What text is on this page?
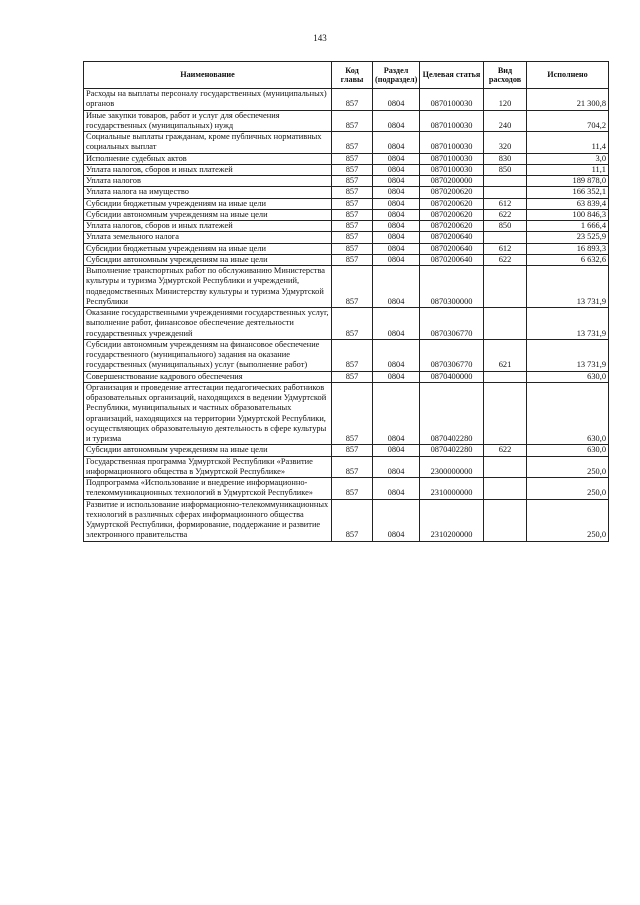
143
Наименование	Код главы	Раздел (подраздел)	Целевая статья	Вид расходов	Исполнено
Расходы на выплаты персоналу государственных (муниципальных) органов	857	0804	0870100030	120	21 300,8
Иные закупки товаров, работ и услуг для обеспечения государственных (муниципальных) нужд	857	0804	0870100030	240	704,2
Социальные выплаты гражданам, кроме публичных нормативных социальных выплат	857	0804	0870100030	320	11,4
Исполнение судебных актов	857	0804	0870100030	830	3,0
Уплата налогов, сборов и иных платежей	857	0804	0870100030	850	11,1
Уплата налогов	857	0804	0870200000		189 878,0
Уплата налога на имущество	857	0804	0870200620		166 352,1
Субсидии бюджетным учреждениям на иные цели	857	0804	0870200620	612	63 839,4
Субсидии автономным учреждениям на иные цели	857	0804	0870200620	622	100 846,3
Уплата налогов, сборов и иных платежей	857	0804	0870200620	850	1 666,4
Уплата земельного налога	857	0804	0870200640		23 525,9
Субсидии бюджетным учреждениям на иные цели	857	0804	0870200640	612	16 893,3
Субсидии автономным учреждениям на иные цели	857	0804	0870200640	622	6 632,6
Выполнение транспортных работ по обслуживанию Министерства культуры и туризма Удмуртской Республики и учреждений, подведомственных Министерству культуры и туризма Удмуртской Республики	857	0804	0870300000		13 731,9
Оказание государственными учреждениями государственных услуг, выполнение работ, финансовое обеспечение деятельности государственных учреждений	857	0804	0870306770		13 731,9
Субсидии автономным учреждениям на финансовое обеспечение государственного (муниципального) задания на оказание государственных (муниципальных) услуг (выполнение работ)	857	0804	0870306770	621	13 731,9
Совершенствование кадрового обеспечения	857	0804	0870400000		630,0
Организация и проведение аттестации педагогических работников образовательных организаций, находящихся в ведении Удмуртской Республики, муниципальных и частных образовательных организаций, находящихся на территории Удмуртской Республики, осуществляющих образовательную деятельность в сфере культуры и туризма	857	0804	0870402280		630,0
Субсидии автономным учреждениям на иные цели	857	0804	0870402280	622	630,0
Государственная программа Удмуртской Республики «Развитие информационного общества в Удмуртской Республике»	857	0804	2300000000		250,0
Подпрограмма «Использование и внедрение информационно-телекоммуникационных технологий в Удмуртской Республике»	857	0804	2310000000		250,0
Развитие и использование информационно-телекоммуникационных технологий в различных сферах информационного общества Удмуртской Республики, формирование, поддержание и развитие электронного правительства	857	0804	2310200000		250,0
